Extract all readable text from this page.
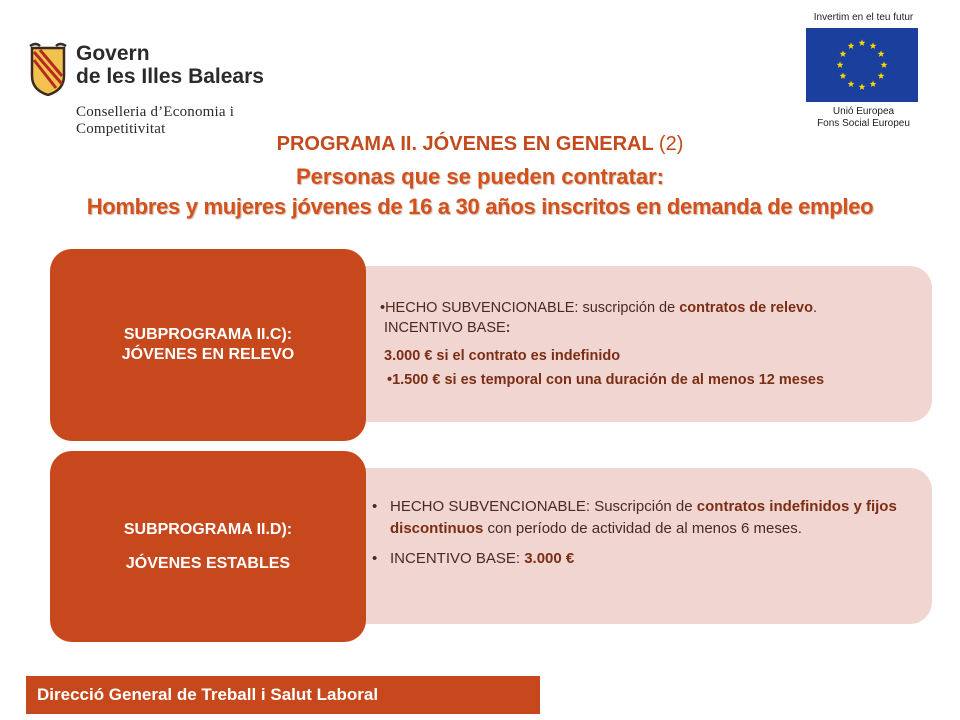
Govern
de les Illes Balears
Conselleria d’Economia i Competitivitat
Invertim en el teu futur
Unió Europea
Fons Social Europeu
PROGRAMA II. JÓVENES EN GENERAL (2)
Personas que se pueden contratar:
Hombres y mujeres jóvenes de 16 a 30 años inscritos en demanda de empleo
SUBPROGRAMA II.C):
JÓVENES EN RELEVO
•HECHO SUBVENCIONABLE: suscripción de contratos de relevo.
INCENTIVO BASE:
3.000 € si el contrato es indefinido
•1.500 € si es temporal con una duración de al menos 12 meses
SUBPROGRAMA II.D):
JÓVENES ESTABLES
• HECHO SUBVENCIONABLE: Suscripción de contratos indefinidos y fijos discontinuos con período de actividad de al menos 6 meses.
• INCENTIVO BASE: 3.000 €
Direcció General de Treball i Salut Laboral
